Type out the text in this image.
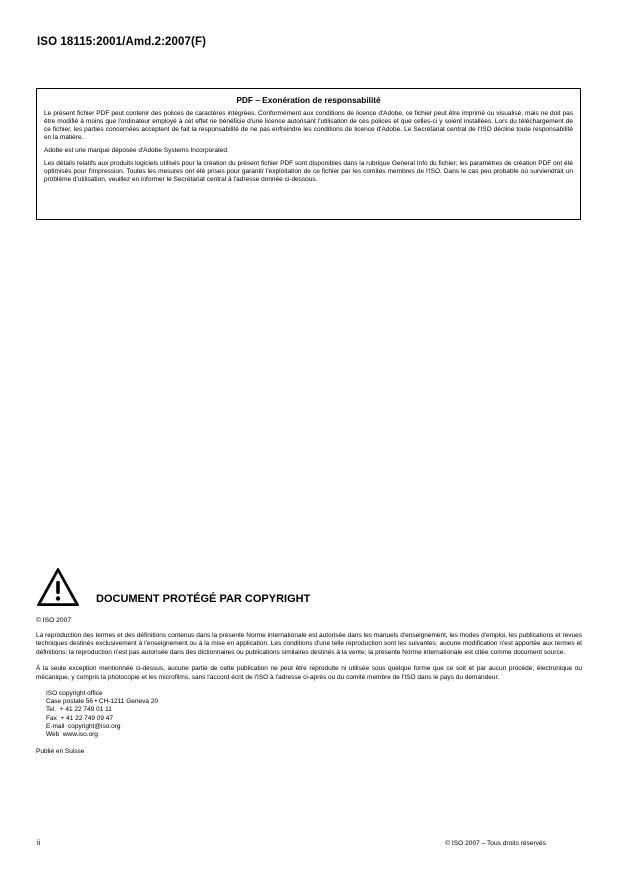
ISO 18115:2001/Amd.2:2007(F)
PDF – Exonération de responsabilité

Le présent fichier PDF peut contenir des polices de caractères intégrées. Conformément aux conditions de licence d'Adobe, ce fichier peut être imprimé ou visualisé, mais ne doit pas être modifié à moins que l'ordinateur employé à cet effet ne bénéficie d'une licence autorisant l'utilisation de ces polices et que celles-ci y soient installées. Lors du téléchargement de ce fichier, les parties concernées acceptent de fait la responsabilité de ne pas enfreindre les conditions de licence d'Adobe. Le Secrétariat central de l'ISO décline toute responsabilité en la matière.

Adobe est une marque déposée d'Adobe Systems Incorporated.

Les détails relatifs aux produits logiciels utilisés pour la création du présent fichier PDF sont disponibles dans la rubrique General Info du fichier; les paramètres de création PDF ont été optimisés pour l'impression. Toutes les mesures ont été prises pour garantir l'exploitation de ce fichier par les comités membres de l'ISO. Dans le cas peu probable où surviendrait un problème d'utilisation, veuillez en informer le Secrétariat central à l'adresse donnée ci-dessous.

DOCUMENT PROTÉGÉ PAR COPYRIGHT
© ISO 2007

La reproduction des termes et des définitions contenus dans la présente Norme internationale est autorisée dans les manuels d'enseignement, les modes d'emploi, les publications et revues techniques destinés exclusivement à l'enseignement ou à la mise en application. Les conditions d'une telle reproduction sont les suivantes: aucune modification n'est apportée aux termes et définitions; la reproduction n'est pas autorisée dans des dictionnaires ou publications similaires destinés à la vente; la présente Norme internationale est citée comme document source.

À la seule exception mentionnée ci-dessus, aucune partie de cette publication ne peut être reproduite ni utilisée sous quelque forme que ce soit et par aucun procédé, électronique ou mécanique, y compris la photocopie et les microfilms, sans l'accord écrit de l'ISO à l'adresse ci-après ou du comité membre de l'ISO dans le pays du demandeur.

ISO copyright office
Case postale 56 • CH-1211 Geneva 20
Tel.  + 41 22 749 01 11
Fax  + 41 22 749 09 47
E-mail  copyright@iso.org
Web  www.iso.org
Publié en Suisse
ii	© ISO 2007 – Tous droits réservés
